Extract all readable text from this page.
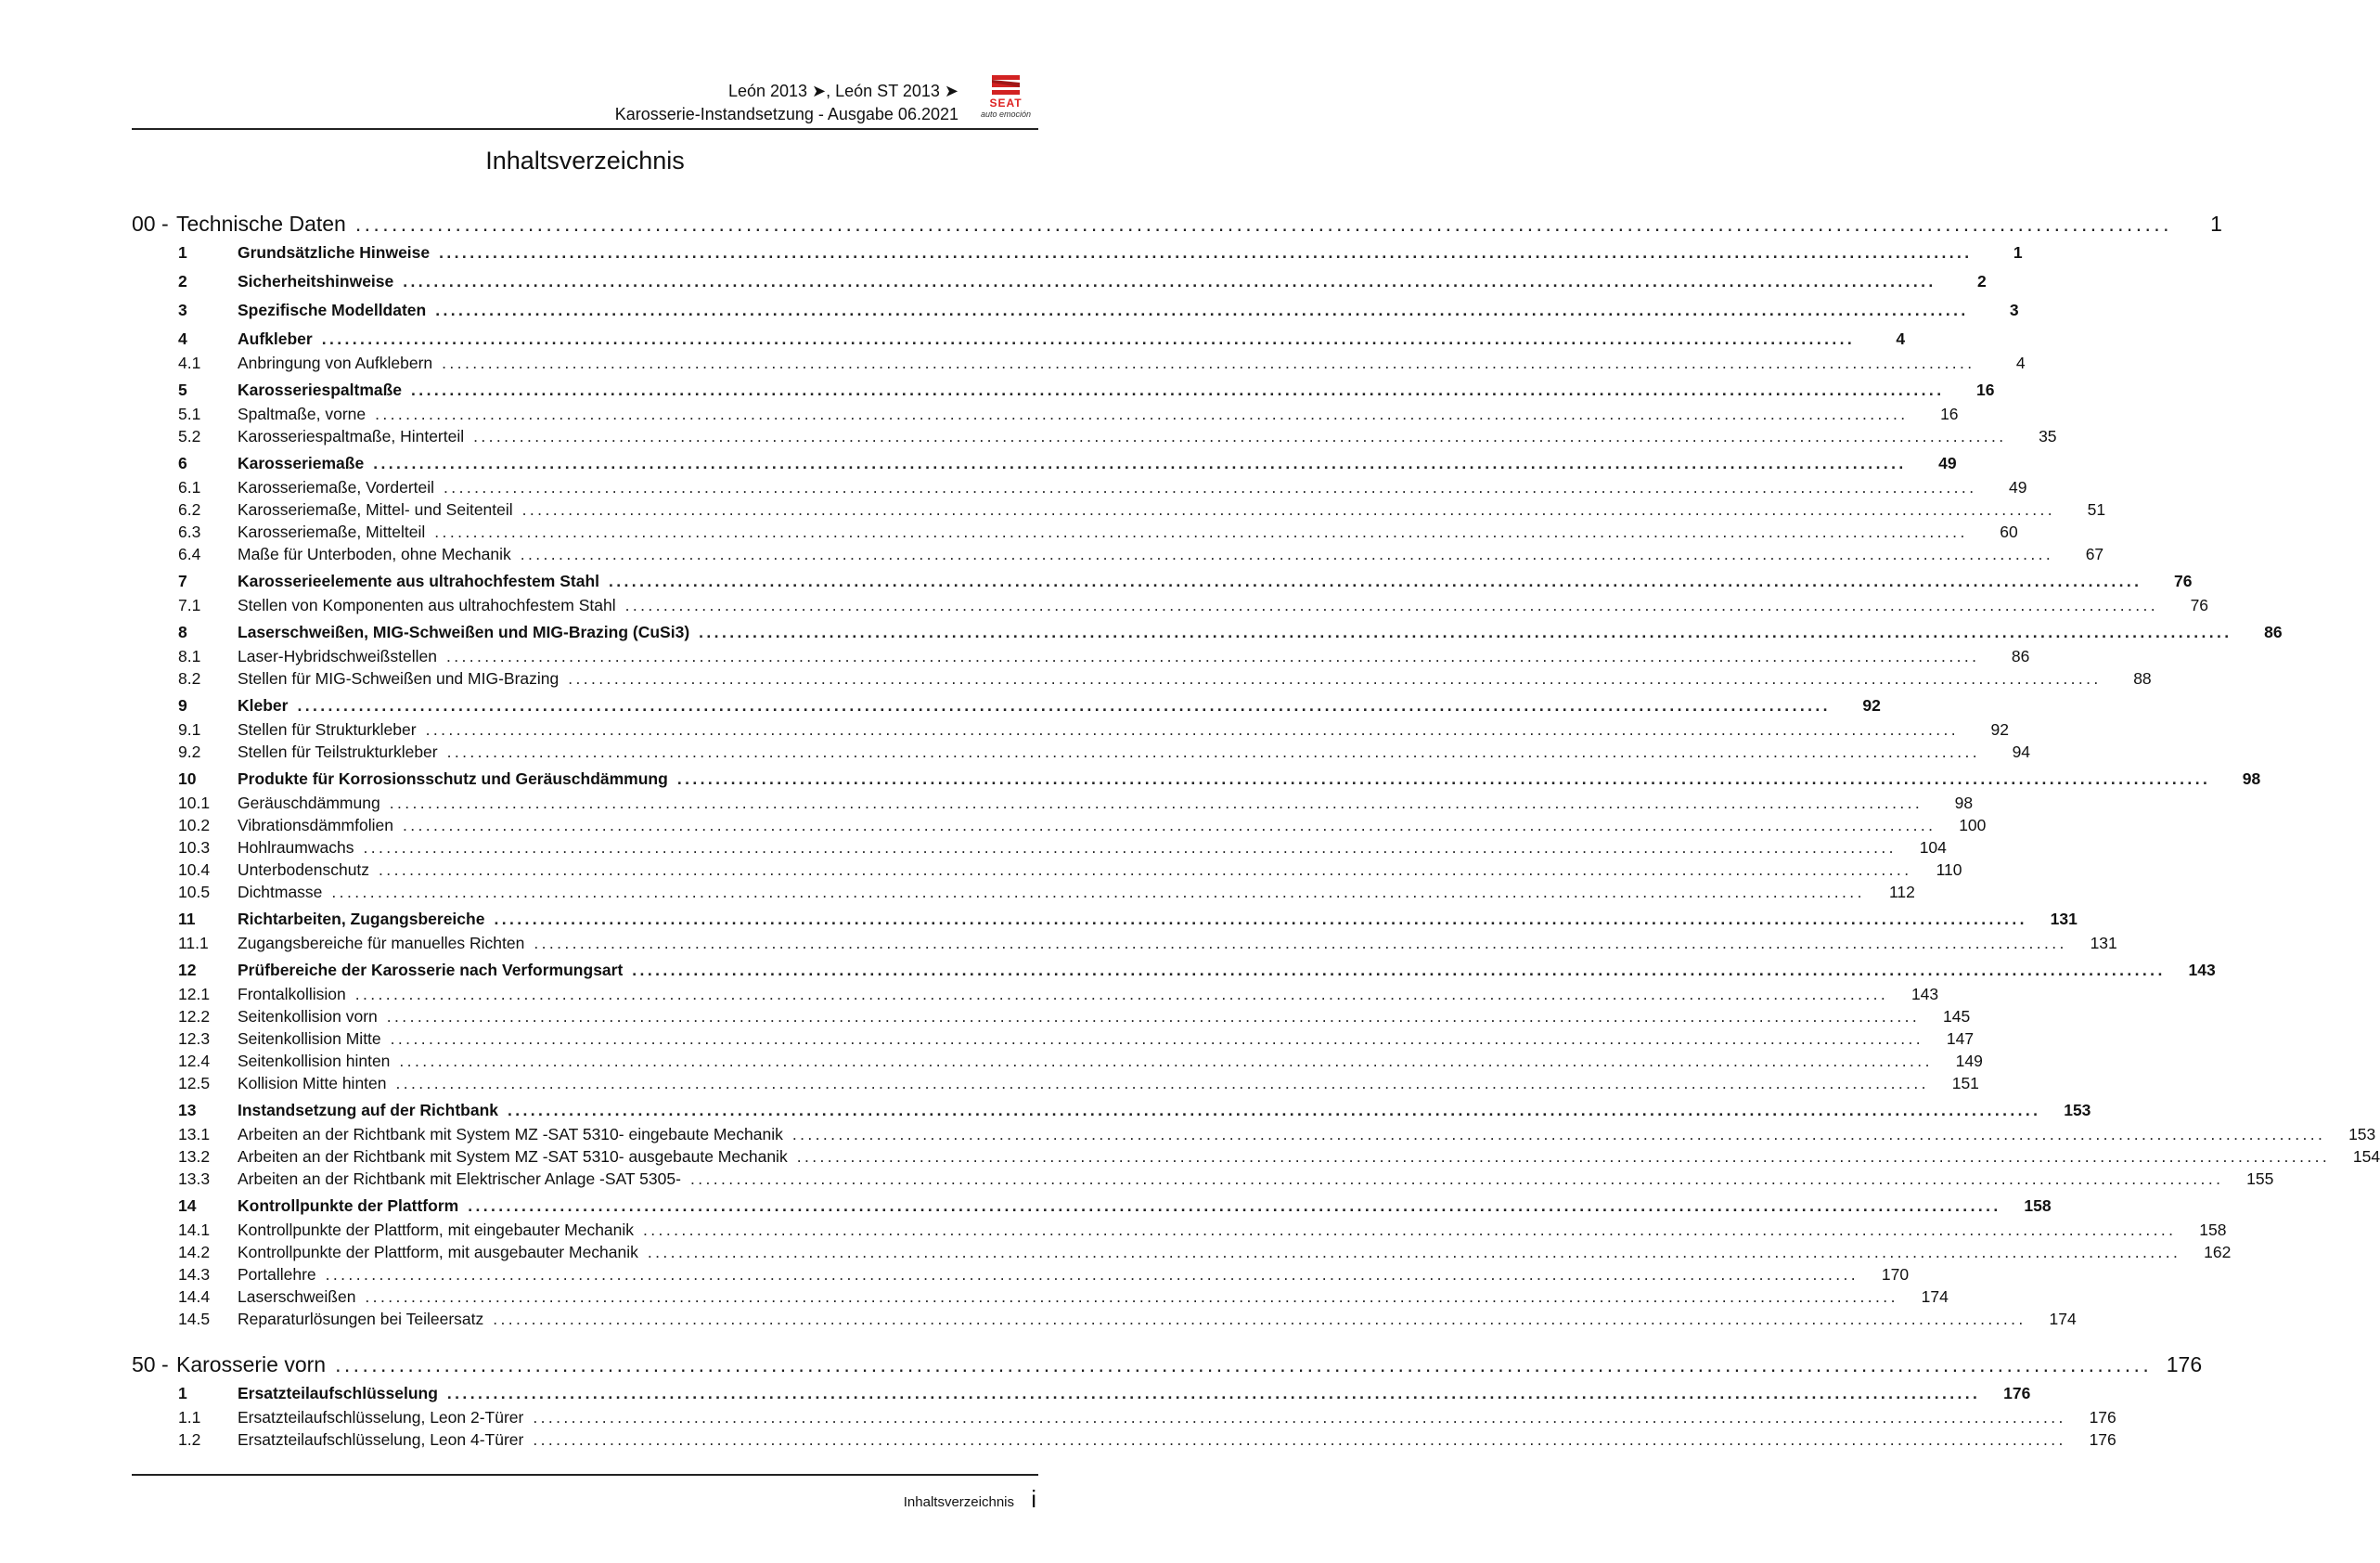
León 2013 ➤, León ST 2013 ➤
Karosserie-Instandsetzung - Ausgabe 06.2021
SEAT
auto emoción
Inhaltsverzeichnis
00 - Technische Daten ........................................................................................................................................................................................................	1
1	Grundsätzliche Hinweise ........................................................................................................................................................................................................	1
2	Sicherheitshinweise ........................................................................................................................................................................................................	2
3	Spezifische Modelldaten ........................................................................................................................................................................................................	3
4	Aufkleber ........................................................................................................................................................................................................	4
4.1 Anbringung von Aufklebern ........................................................................................................................................................................................................	4
5	Karosseriespaltmaße ........................................................................................................................................................................................................	16
5.1 Spaltmaße, vorne ........................................................................................................................................................................................................	16
5.2 Karosseriespaltmaße, Hinterteil ........................................................................................................................................................................................................	35
6	Karosseriemaße ........................................................................................................................................................................................................	49
6.1 Karosseriemaße, Vorderteil ........................................................................................................................................................................................................	49
6.2 Karosseriemaße, Mittel- und Seitenteil ........................................................................................................................................................................................................	51
6.3 Karosseriemaße, Mittelteil ........................................................................................................................................................................................................	60
6.4 Maße für Unterboden, ohne Mechanik ........................................................................................................................................................................................................	67
7	Karosserieelemente aus ultrahochfestem Stahl ........................................................................................................................................................................................................	76
7.1 Stellen von Komponenten aus ultrahochfestem Stahl ........................................................................................................................................................................................................	76
8	Laserschweißen, MIG-Schweißen und MIG-Brazing (CuSi3) ........................................................................................................................................................................................................	86
8.1 Laser-Hybridschweißstellen ........................................................................................................................................................................................................	86
8.2 Stellen für MIG-Schweißen und MIG-Brazing ........................................................................................................................................................................................................	88
9	Kleber ........................................................................................................................................................................................................	92
9.1 Stellen für Strukturkleber ........................................................................................................................................................................................................	92
9.2 Stellen für Teilstrukturkleber ........................................................................................................................................................................................................	94
10	Produkte für Korrosionsschutz und Geräuschdämmung ........................................................................................................................................................................................................	98
10.1 Geräuschdämmung ........................................................................................................................................................................................................	98
10.2 Vibrationsdämmfolien ........................................................................................................................................................................................................	100
10.3 Hohlraumwachs ........................................................................................................................................................................................................	104
10.4 Unterbodenschutz ........................................................................................................................................................................................................	110
10.5 Dichtmasse ........................................................................................................................................................................................................	112
11	Richtarbeiten, Zugangsbereiche ........................................................................................................................................................................................................	131
11.1 Zugangsbereiche für manuelles Richten ........................................................................................................................................................................................................	131
12	Prüfbereiche der Karosserie nach Verformungsart ........................................................................................................................................................................................................	143
12.1 Frontalkollision ........................................................................................................................................................................................................	143
12.2 Seitenkollision vorn ........................................................................................................................................................................................................	145
12.3 Seitenkollision Mitte ........................................................................................................................................................................................................	147
12.4 Seitenkollision hinten ........................................................................................................................................................................................................	149
12.5 Kollision Mitte hinten ........................................................................................................................................................................................................	151
13	Instandsetzung auf der Richtbank ........................................................................................................................................................................................................	153
13.1 Arbeiten an der Richtbank mit System MZ -SAT 5310- eingebaute Mechanik ........................................................................................................................................................................................................	153
13.2 Arbeiten an der Richtbank mit System MZ -SAT 5310- ausgebaute Mechanik ........................................................................................................................................................................................................	154
13.3 Arbeiten an der Richtbank mit Elektrischer Anlage -SAT 5305- ........................................................................................................................................................................................................	155
14	Kontrollpunkte der Plattform ........................................................................................................................................................................................................	158
14.1 Kontrollpunkte der Plattform, mit eingebauter Mechanik ........................................................................................................................................................................................................	158
14.2 Kontrollpunkte der Plattform, mit ausgebauter Mechanik ........................................................................................................................................................................................................	162
14.3 Portallehre ........................................................................................................................................................................................................	170
14.4 Laserschweißen ........................................................................................................................................................................................................	174
14.5 Reparaturlösungen bei Teileersatz ........................................................................................................................................................................................................	174
50 - Karosserie vorn ........................................................................................................................................................................................................ 176
1	Ersatzteilaufschlüsselung ........................................................................................................................................................................................................	176
1.1 Ersatzteilaufschlüsselung, Leon 2-Türer ........................................................................................................................................................................................................	176
1.2 Ersatzteilaufschlüsselung, Leon 4-Türer ........................................................................................................................................................................................................	176
Inhaltsverzeichnis i
